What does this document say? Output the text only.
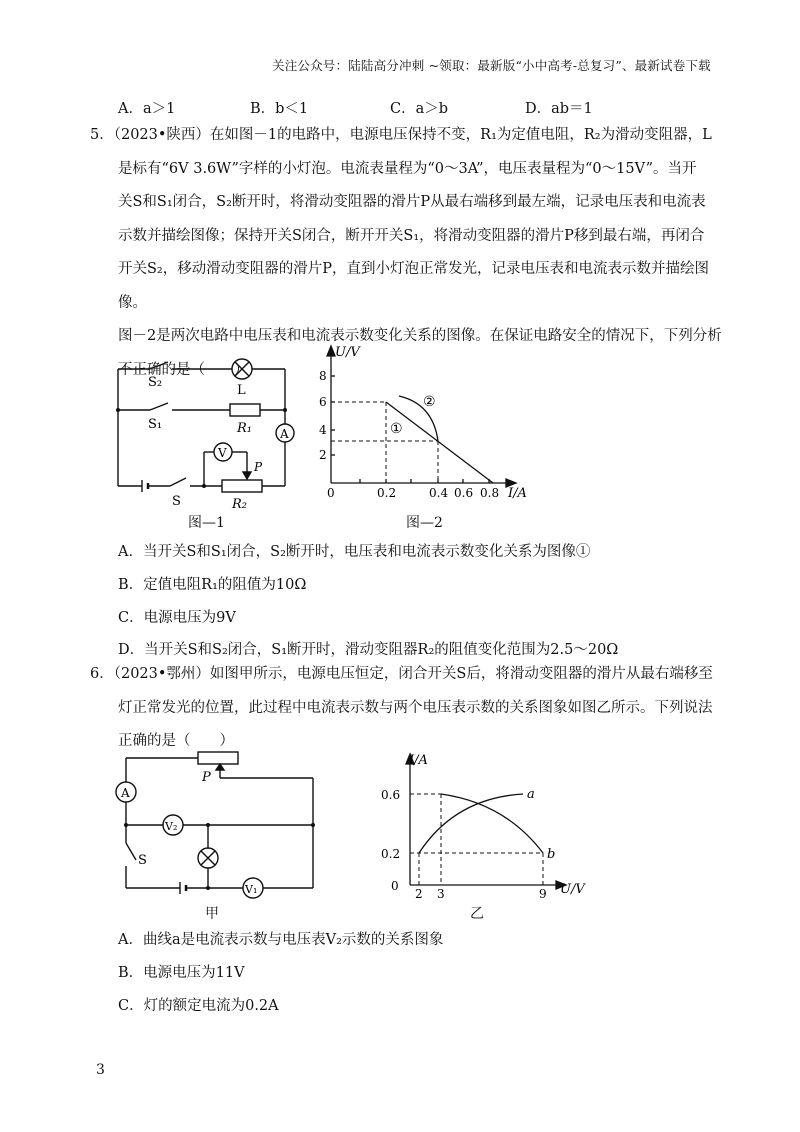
关注公众号：陆陆高分冲刺 ~领取：最新版“小中高考-总复习”、最新试卷下载
A．a＞1	B．b＜1	C．a＞b	D．ab＝1
5．（2023•陕西）在如图－1的电路中，电源电压保持不变，R₁为定值电阻，R₂为滑动变阻器，L
是标有“6V 3.6W”字样的小灯泡。电流表量程为“0～3A”，电压表量程为“0～15V”。当开
关S和S₁闭合，S₂断开时，将滑动变阻器的滑片P从最右端移到最左端，记录电压表和电流表
示数并描绘图像；保持开关S闭合，断开开关S₁，将滑动变阻器的滑片P移到最右端，再闭合
开关S₂，移动滑动变阻器的滑片P，直到小灯泡正常发光，记录电压表和电流表示数并描绘图像。
图－2是两次电路中电压表和电流表示数变化关系的图像。在保证电路安全的情况下，下列分析
不正确的是（　　）
S₂
S₁
L
R₁ A
V
P
S	R₂
图—1
U/V
I/A
8
6
4
2
0	0.2	0.4 0.6 0.8
①
②
图—2
A．当开关S和S₁闭合，S₂断开时，电压表和电流表示数变化关系为图像①
B．定值电阻R₁的阻值为10Ω
C．电源电压为9V
D．当开关S和S₂闭合，S₁断开时，滑动变阻器R₂的阻值变化范围为2.5～20Ω
6．（2023•鄂州）如图甲所示，电源电压恒定，闭合开关S后，将滑动变阻器的滑片从最右端移至
灯正常发光的位置，此过程中电流表示数与两个电压表示数的关系图象如图乙所示。下列说法
正确的是（　　）
A
P
V₂
S
V₁
甲
I/A
U/V
0.6
0.2
0
2 3	9
a
b
乙
A．曲线a是电流表示数与电压表V₂示数的关系图象
B．电源电压为11V
C．灯的额定电流为0.2A
3
